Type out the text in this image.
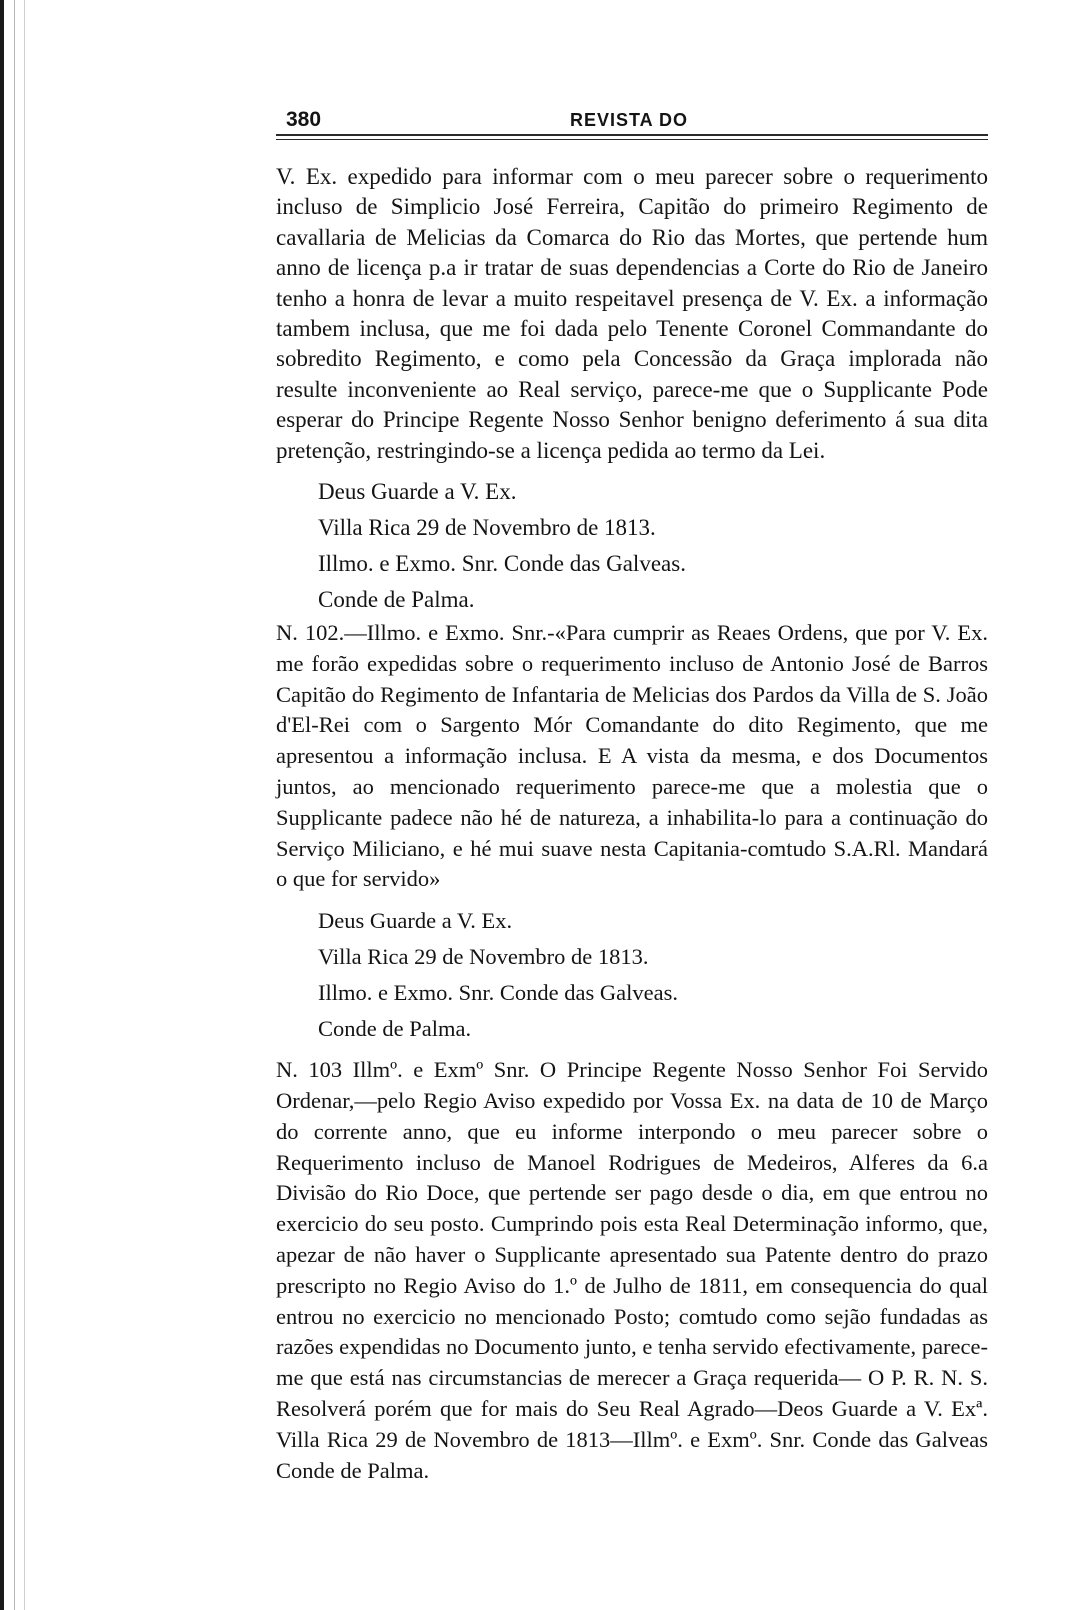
380	REVISTA DO

V. Ex. expedido para informar com o meu parecer sobre o requerimento incluso de Simplicio José Ferreira, Capitão do primeiro Regimento de cavallaria de Melicias da Comarca do Rio das Mortes, que pertende hum anno de licença p.a ir tratar de suas dependencias a Corte do Rio de Janeiro tenho a honra de levar a muito respeitavel presença de V. Ex. a informação tambem inclusa, que me foi dada pelo Tenente Coronel Commandante do sobredito Regimento, e como pela Concessão da Graça implorada não resulte inconveniente ao Real serviço, parece-me que o Supplicante Pode esperar do Principe Regente Nosso Senhor benigno deferimento á sua dita pretenção, restringindo-se a licença pedida ao termo da Lei.

Deus Guarde a V. Ex.

Villa Rica 29 de Novembro de 1813.

Illmo. e Exmo. Snr. Conde das Galveas.

Conde de Palma.

N. 102.—Illmo. e Exmo. Snr.-«Para cumprir as Reaes Ordens, que por V. Ex. me forão expedidas sobre o requerimento incluso de Antonio José de Barros Capitão do Regimento de Infantaria de Melicias dos Pardos da Villa de S. João d'El-Rei com o Sargento Mór Comandante do dito Regimento, que me apresentou a informação inclusa. E A vista da mesma, e dos Documentos juntos, ao mencionado requerimento parece-me que a molestia que o Supplicante padece não hé de natureza, a inhabilita-lo para a continuação do Serviço Miliciano, e hé mui suave nesta Capitania-comtudo S.A.Rl. Mandará o que for servido»

Deus Guarde a V. Ex.

Villa Rica 29 de Novembro de 1813.

Illmo. e Exmo. Snr. Conde das Galveas.

Conde de Palma.

N. 103 Illmº. e Exmº Snr. O Principe Regente Nosso Senhor Foi Servido Ordenar,—pelo Regio Aviso expedido por Vossa Ex. na data de 10 de Março do corrente anno, que eu informe interpondo o meu parecer sobre o Requerimento incluso de Manoel Rodrigues de Medeiros, Alferes da 6.a Divisão do Rio Doce, que pertende ser pago desde o dia, em que entrou no exercicio do seu posto. Cumprindo pois esta Real Determinação informo, que, apezar de não haver o Supplicante apresentado sua Patente dentro do prazo prescripto no Regio Aviso do 1.º de Julho de 1811, em consequencia do qual entrou no exercicio no mencionado Posto; comtudo como sejão fundadas as razões expendidas no Documento junto, e tenha servido efectivamente, parece-me que está nas circumstancias de merecer a Graça requerida— O P. R. N. S. Resolverá porém que for mais do Seu Real Agrado—Deos Guarde a V. Exª. Villa Rica 29 de Novembro de 1813—Illmº. e Exmº. Snr. Conde das Galveas Conde de Palma.
